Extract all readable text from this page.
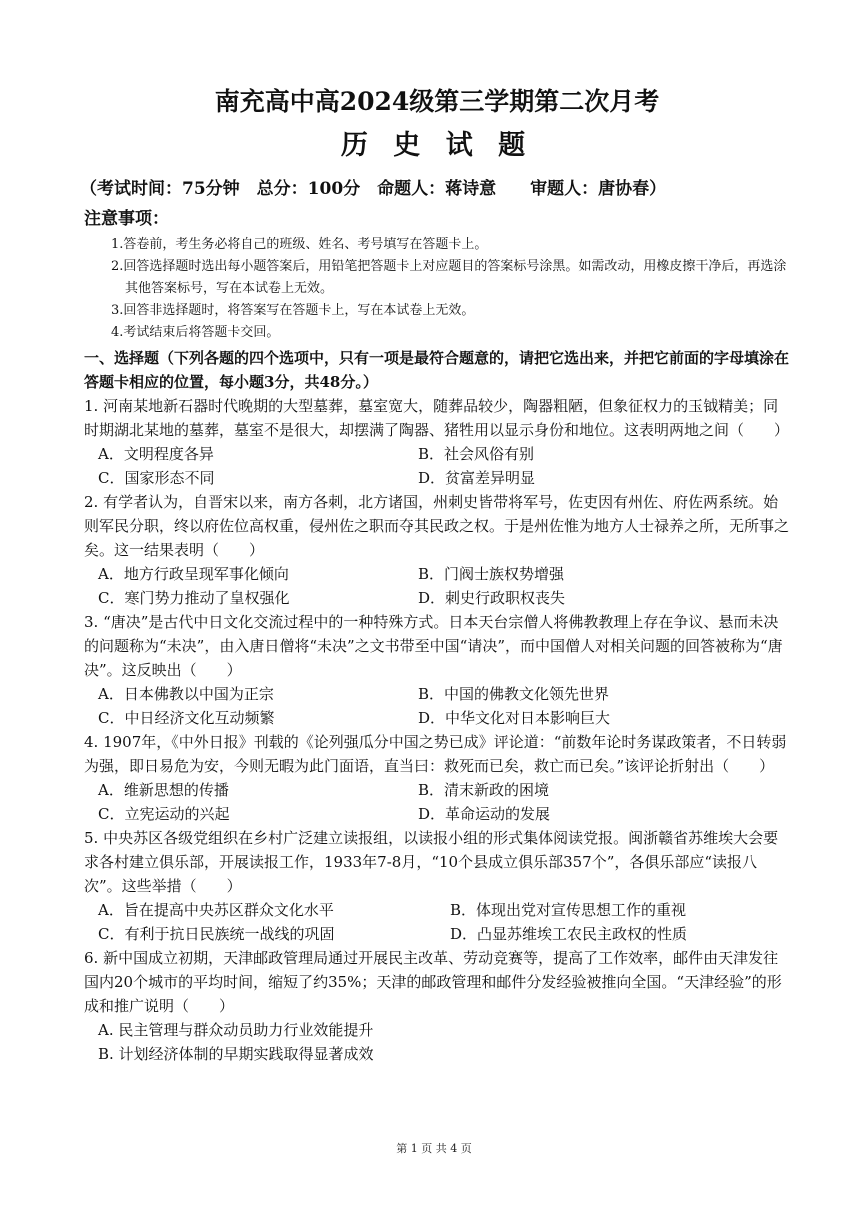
南充高中高2024级第三学期第二次月考
历 史 试 题
（考试时间：75分钟　总分：100分　命题人：蒋诗意　　审题人：唐协春）
注意事项：
1.答卷前，考生务必将自己的班级、姓名、考号填写在答题卡上。
2.回答选择题时选出每小题答案后，用铅笔把答题卡上对应题目的答案标号涂黑。如需改动，用橡皮擦干净后，再选涂其他答案标号，写在本试卷上无效。
3.回答非选择题时，将答案写在答题卡上，写在本试卷上无效。
4.考试结束后将答题卡交回。
一、选择题（下列各题的四个选项中，只有一项是最符合题意的，请把它选出来，并把它前面的字母填涂在答题卡相应的位置，每小题3分，共48分。）

1. 河南某地新石器时代晚期的大型墓葬，墓室宽大，随葬品较少，陶器粗陋，但象征权力的玉钺精美；同时期湖北某地的墓葬，墓室不是很大，却摆满了陶器、猪牲用以显示身份和地位。这表明两地之间（　　）

A．文明程度各异	B．社会风俗有别
C．国家形态不同	D．贫富差异明显

2. 有学者认为，自晋宋以来，南方各刺，北方诸国，州刺史皆带将军号，佐吏因有州佐、府佐两系统。始则军民分职，终以府佐位高权重，侵州佐之职而夺其民政之权。于是州佐惟为地方人士禄养之所，无所事之矣。这一结果表明（　　）

A．地方行政呈现军事化倾向	B．门阀士族权势增强
C．寒门势力推动了皇权强化	D．刺史行政职权丧失

3. “唐决”是古代中日文化交流过程中的一种特殊方式。日本天台宗僧人将佛教教理上存在争议、悬而未决的问题称为“未决”，由入唐日僧将“未决”之文书带至中国“请决”，而中国僧人对相关问题的回答被称为“唐决”。这反映出（　　）

A．日本佛教以中国为正宗	B．中国的佛教文化领先世界
C．中日经济文化互动频繁	D．中华文化对日本影响巨大

4. 1907年，《中外日报》刊载的《论列强瓜分中国之势已成》评论道：“前数年论时务谋政策者，不日转弱为强，即日易危为安，今则无暇为此门面语，直当曰：救死而已矣，救亡而已矣。”该评论折射出（　　）

A．维新思想的传播	B．清末新政的困境
C．立宪运动的兴起	D．革命运动的发展

5. 中央苏区各级党组织在乡村广泛建立读报组，以读报小组的形式集体阅读党报。闽浙赣省苏维埃大会要求各村建立俱乐部，开展读报工作，1933年7-8月，“10个县成立俱乐部357个”，各俱乐部应“读报八次”。这些举措（　　）

A．旨在提高中央苏区群众文化水平	B．体现出党对宣传思想工作的重视
C．有利于抗日民族统一战线的巩固	D．凸显苏维埃工农民主政权的性质

6. 新中国成立初期，天津邮政管理局通过开展民主改革、劳动竞赛等，提高了工作效率，邮件由天津发往国内20个城市的平均时间，缩短了约35%；天津的邮政管理和邮件分发经验被推向全国。“天津经验”的形成和推广说明（　　）

A. 民主管理与群众动员助力行业效能提升
B. 计划经济体制的早期实践取得显著成效
第 1 页 共 4 页
